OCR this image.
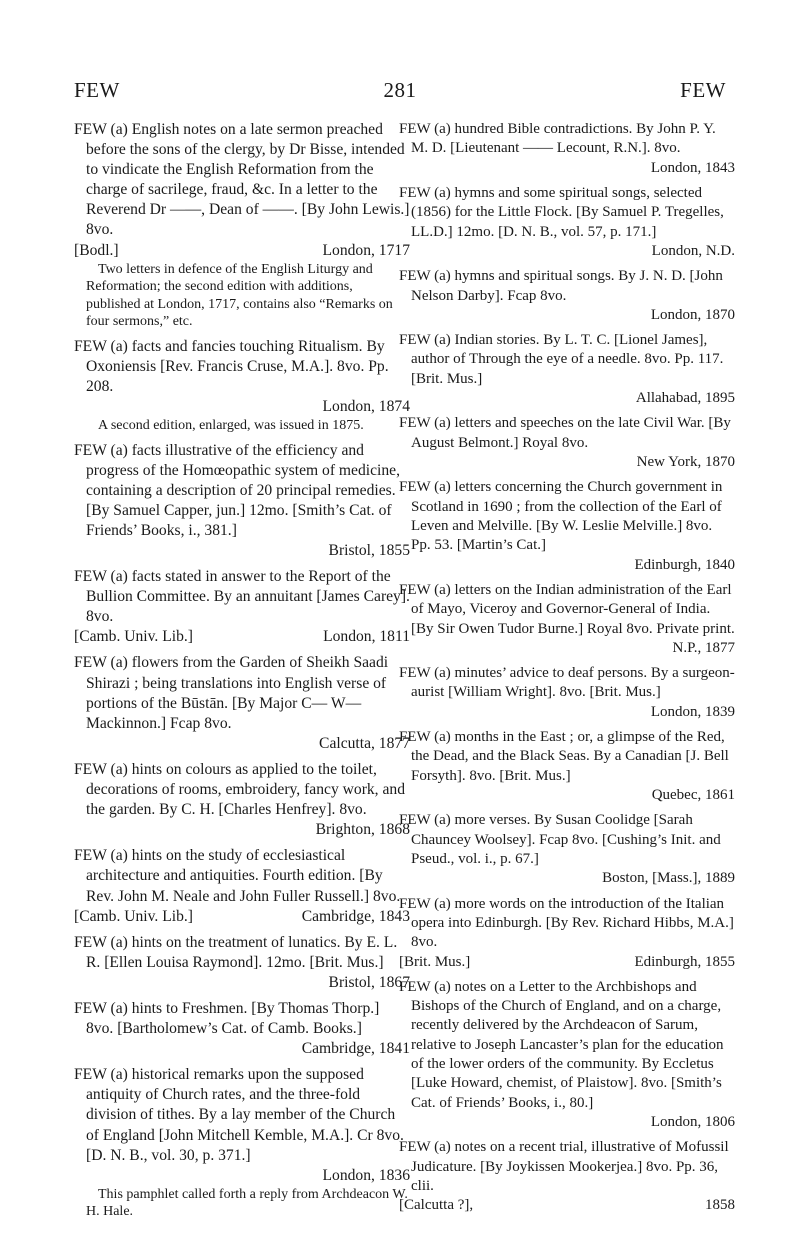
FEW	281	FEW
FEW (a) English notes on a late sermon preached before the sons of the clergy, by Dr Bisse, intended to vindicate the English Reformation from the charge of sacrilege, fraud, &c. In a letter to the Reverend Dr ——, Dean of ——. [By John Lewis.] 8vo.
[Bodl.]	London, 1717
Two letters in defence of the English Liturgy and Reformation; the second edition with additions, published at London, 1717, contains also “Remarks on four sermons,” etc.
FEW (a) facts and fancies touching Ritualism. By Oxoniensis [Rev. Francis Cruse, M.A.]. 8vo. Pp. 208.
London, 1874
A second edition, enlarged, was issued in 1875.
FEW (a) facts illustrative of the efficiency and progress of the Homœopathic system of medicine, containing a description of 20 principal remedies. [By Samuel Capper, jun.] 12mo. [Smith’s Cat. of Friends’ Books, i., 381.]
Bristol, 1855
FEW (a) facts stated in answer to the Report of the Bullion Committee. By an annuitant [James Carey]. 8vo.
[Camb. Univ. Lib.]	London, 1811
FEW (a) flowers from the Garden of Sheikh Saadi Shirazi ; being translations into English verse of portions of the Būstān. [By Major C— W— Mackinnon.] Fcap 8vo.
Calcutta, 1877
FEW (a) hints on colours as applied to the toilet, decorations of rooms, embroidery, fancy work, and the garden. By C. H. [Charles Henfrey]. 8vo.
Brighton, 1868
FEW (a) hints on the study of ecclesiastical architecture and antiquities. Fourth edition. [By Rev. John M. Neale and John Fuller Russell.] 8vo.
[Camb. Univ. Lib.]	Cambridge, 1843
FEW (a) hints on the treatment of lunatics. By E. L. R. [Ellen Louisa Raymond]. 12mo. [Brit. Mus.]
Bristol, 1867
FEW (a) hints to Freshmen. [By Thomas Thorp.] 8vo. [Bartholomew’s Cat. of Camb. Books.]
Cambridge, 1841
FEW (a) historical remarks upon the supposed antiquity of Church rates, and the three-fold division of tithes. By a lay member of the Church of England [John Mitchell Kemble, M.A.]. Cr 8vo. [D. N. B., vol. 30, p. 371.]
London, 1836
This pamphlet called forth a reply from Archdeacon W. H. Hale.
FEW (a) hundred Bible contradictions. By John P. Y. M. D. [Lieutenant —— Lecount, R.N.]. 8vo.
London, 1843
FEW (a) hymns and some spiritual songs, selected (1856) for the Little Flock. [By Samuel P. Tregelles, LL.D.] 12mo. [D. N. B., vol. 57, p. 171.]
London, N.D.
FEW (a) hymns and spiritual songs. By J. N. D. [John Nelson Darby]. Fcap 8vo.
London, 1870
FEW (a) Indian stories. By L. T. C. [Lionel James], author of Through the eye of a needle. 8vo. Pp. 117. [Brit. Mus.]
Allahabad, 1895
FEW (a) letters and speeches on the late Civil War. [By August Belmont.] Royal 8vo.
New York, 1870
FEW (a) letters concerning the Church government in Scotland in 1690 ; from the collection of the Earl of Leven and Melville. [By W. Leslie Melville.] 8vo. Pp. 53. [Martin’s Cat.]
Edinburgh, 1840
FEW (a) letters on the Indian administration of the Earl of Mayo, Viceroy and Governor-General of India. [By Sir Owen Tudor Burne.] Royal 8vo. Private print.
N.P., 1877
FEW (a) minutes’ advice to deaf persons. By a surgeon-aurist [William Wright]. 8vo. [Brit. Mus.]
London, 1839
FEW (a) months in the East ; or, a glimpse of the Red, the Dead, and the Black Seas. By a Canadian [J. Bell Forsyth]. 8vo. [Brit. Mus.]
Quebec, 1861
FEW (a) more verses. By Susan Coolidge [Sarah Chauncey Woolsey]. Fcap 8vo. [Cushing’s Init. and Pseud., vol. i., p. 67.]
Boston, [Mass.], 1889
FEW (a) more words on the introduction of the Italian opera into Edinburgh. [By Rev. Richard Hibbs, M.A.] 8vo.
[Brit. Mus.]	Edinburgh, 1855
FEW (a) notes on a Letter to the Archbishops and Bishops of the Church of England, and on a charge, recently delivered by the Archdeacon of Sarum, relative to Joseph Lancaster’s plan for the education of the lower orders of the community. By Eccletus [Luke Howard, chemist, of Plaistow]. 8vo. [Smith’s Cat. of Friends’ Books, i., 80.]
London, 1806
FEW (a) notes on a recent trial, illustrative of Mofussil Judicature. [By Joykissen Mookerjea.] 8vo. Pp. 36, clii.
[Calcutta ?],	1858
